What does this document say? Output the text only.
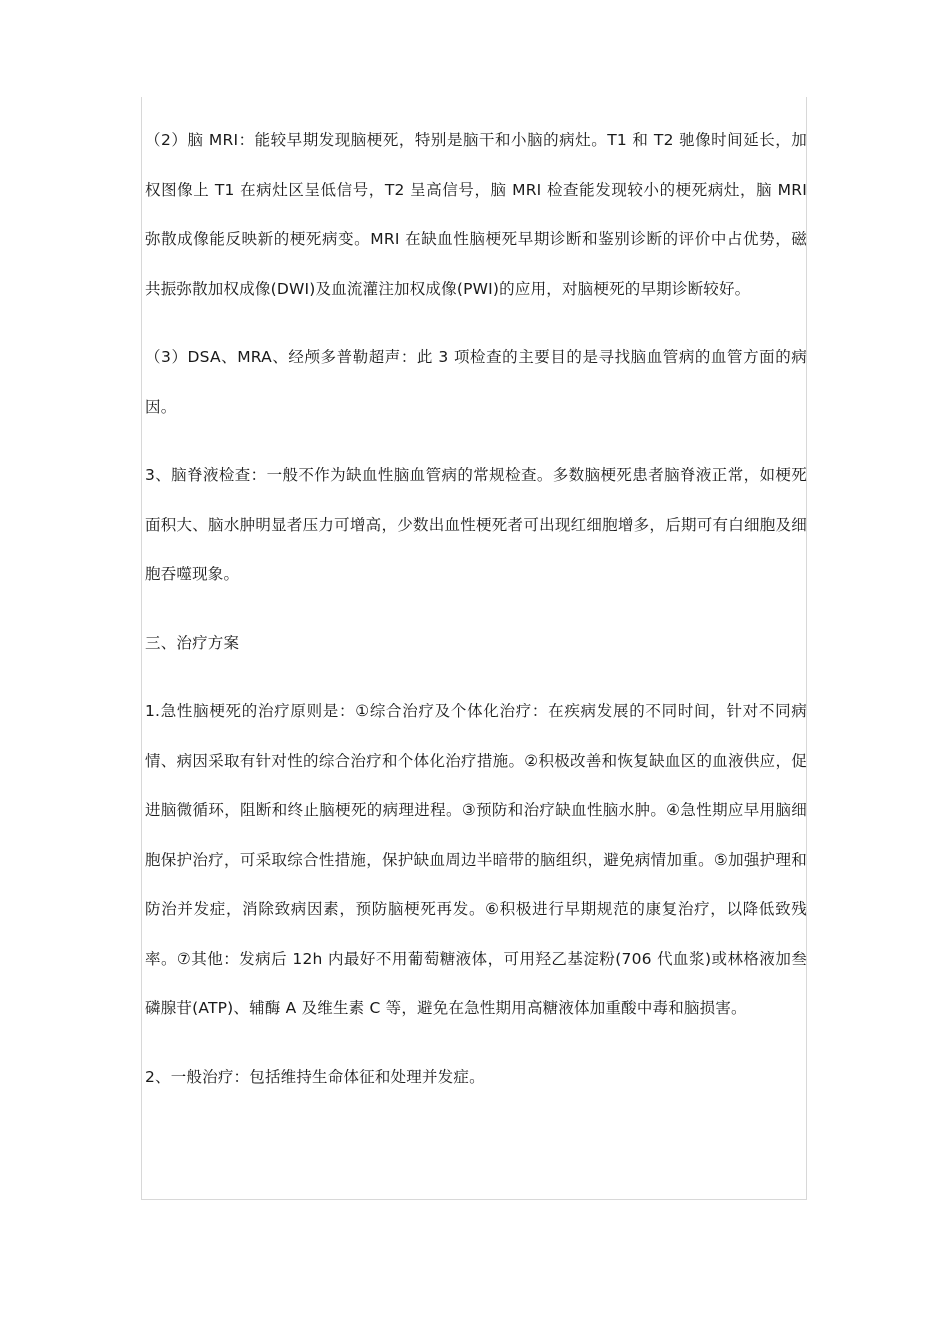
（2）脑 MRI：能较早期发现脑梗死，特别是脑干和小脑的病灶。T1 和 T2 驰像时间延长，加权图像上 T1 在病灶区呈低信号，T2 呈高信号，脑 MRI 检查能发现较小的梗死病灶，脑 MRI 弥散成像能反映新的梗死病变。MRI 在缺血性脑梗死早期诊断和鉴别诊断的评价中占优势，磁共振弥散加权成像(DWI)及血流灌注加权成像(PWI)的应用，对脑梗死的早期诊断较好。

（3）DSA、MRA、经颅多普勒超声：此 3 项检查的主要目的是寻找脑血管病的血管方面的病因。

3、脑脊液检查：一般不作为缺血性脑血管病的常规检查。多数脑梗死患者脑脊液正常，如梗死面积大、脑水肿明显者压力可增高，少数出血性梗死者可出现红细胞增多，后期可有白细胞及细胞吞噬现象。

三、治疗方案

1.急性脑梗死的治疗原则是：①综合治疗及个体化治疗：在疾病发展的不同时间，针对不同病情、病因采取有针对性的综合治疗和个体化治疗措施。②积极改善和恢复缺血区的血液供应，促进脑微循环，阻断和终止脑梗死的病理进程。③预防和治疗缺血性脑水肿。④急性期应早用脑细胞保护治疗，可采取综合性措施，保护缺血周边半暗带的脑组织，避免病情加重。⑤加强护理和防治并发症，消除致病因素，预防脑梗死再发。⑥积极进行早期规范的康复治疗，以降低致残率。⑦其他：发病后 12h 内最好不用葡萄糖液体，可用羟乙基淀粉(706 代血浆)或林格液加叁磷腺苷(ATP)、辅酶 A 及维生素 C 等，避免在急性期用高糖液体加重酸中毒和脑损害。

2、一般治疗：包括维持生命体征和处理并发症。
